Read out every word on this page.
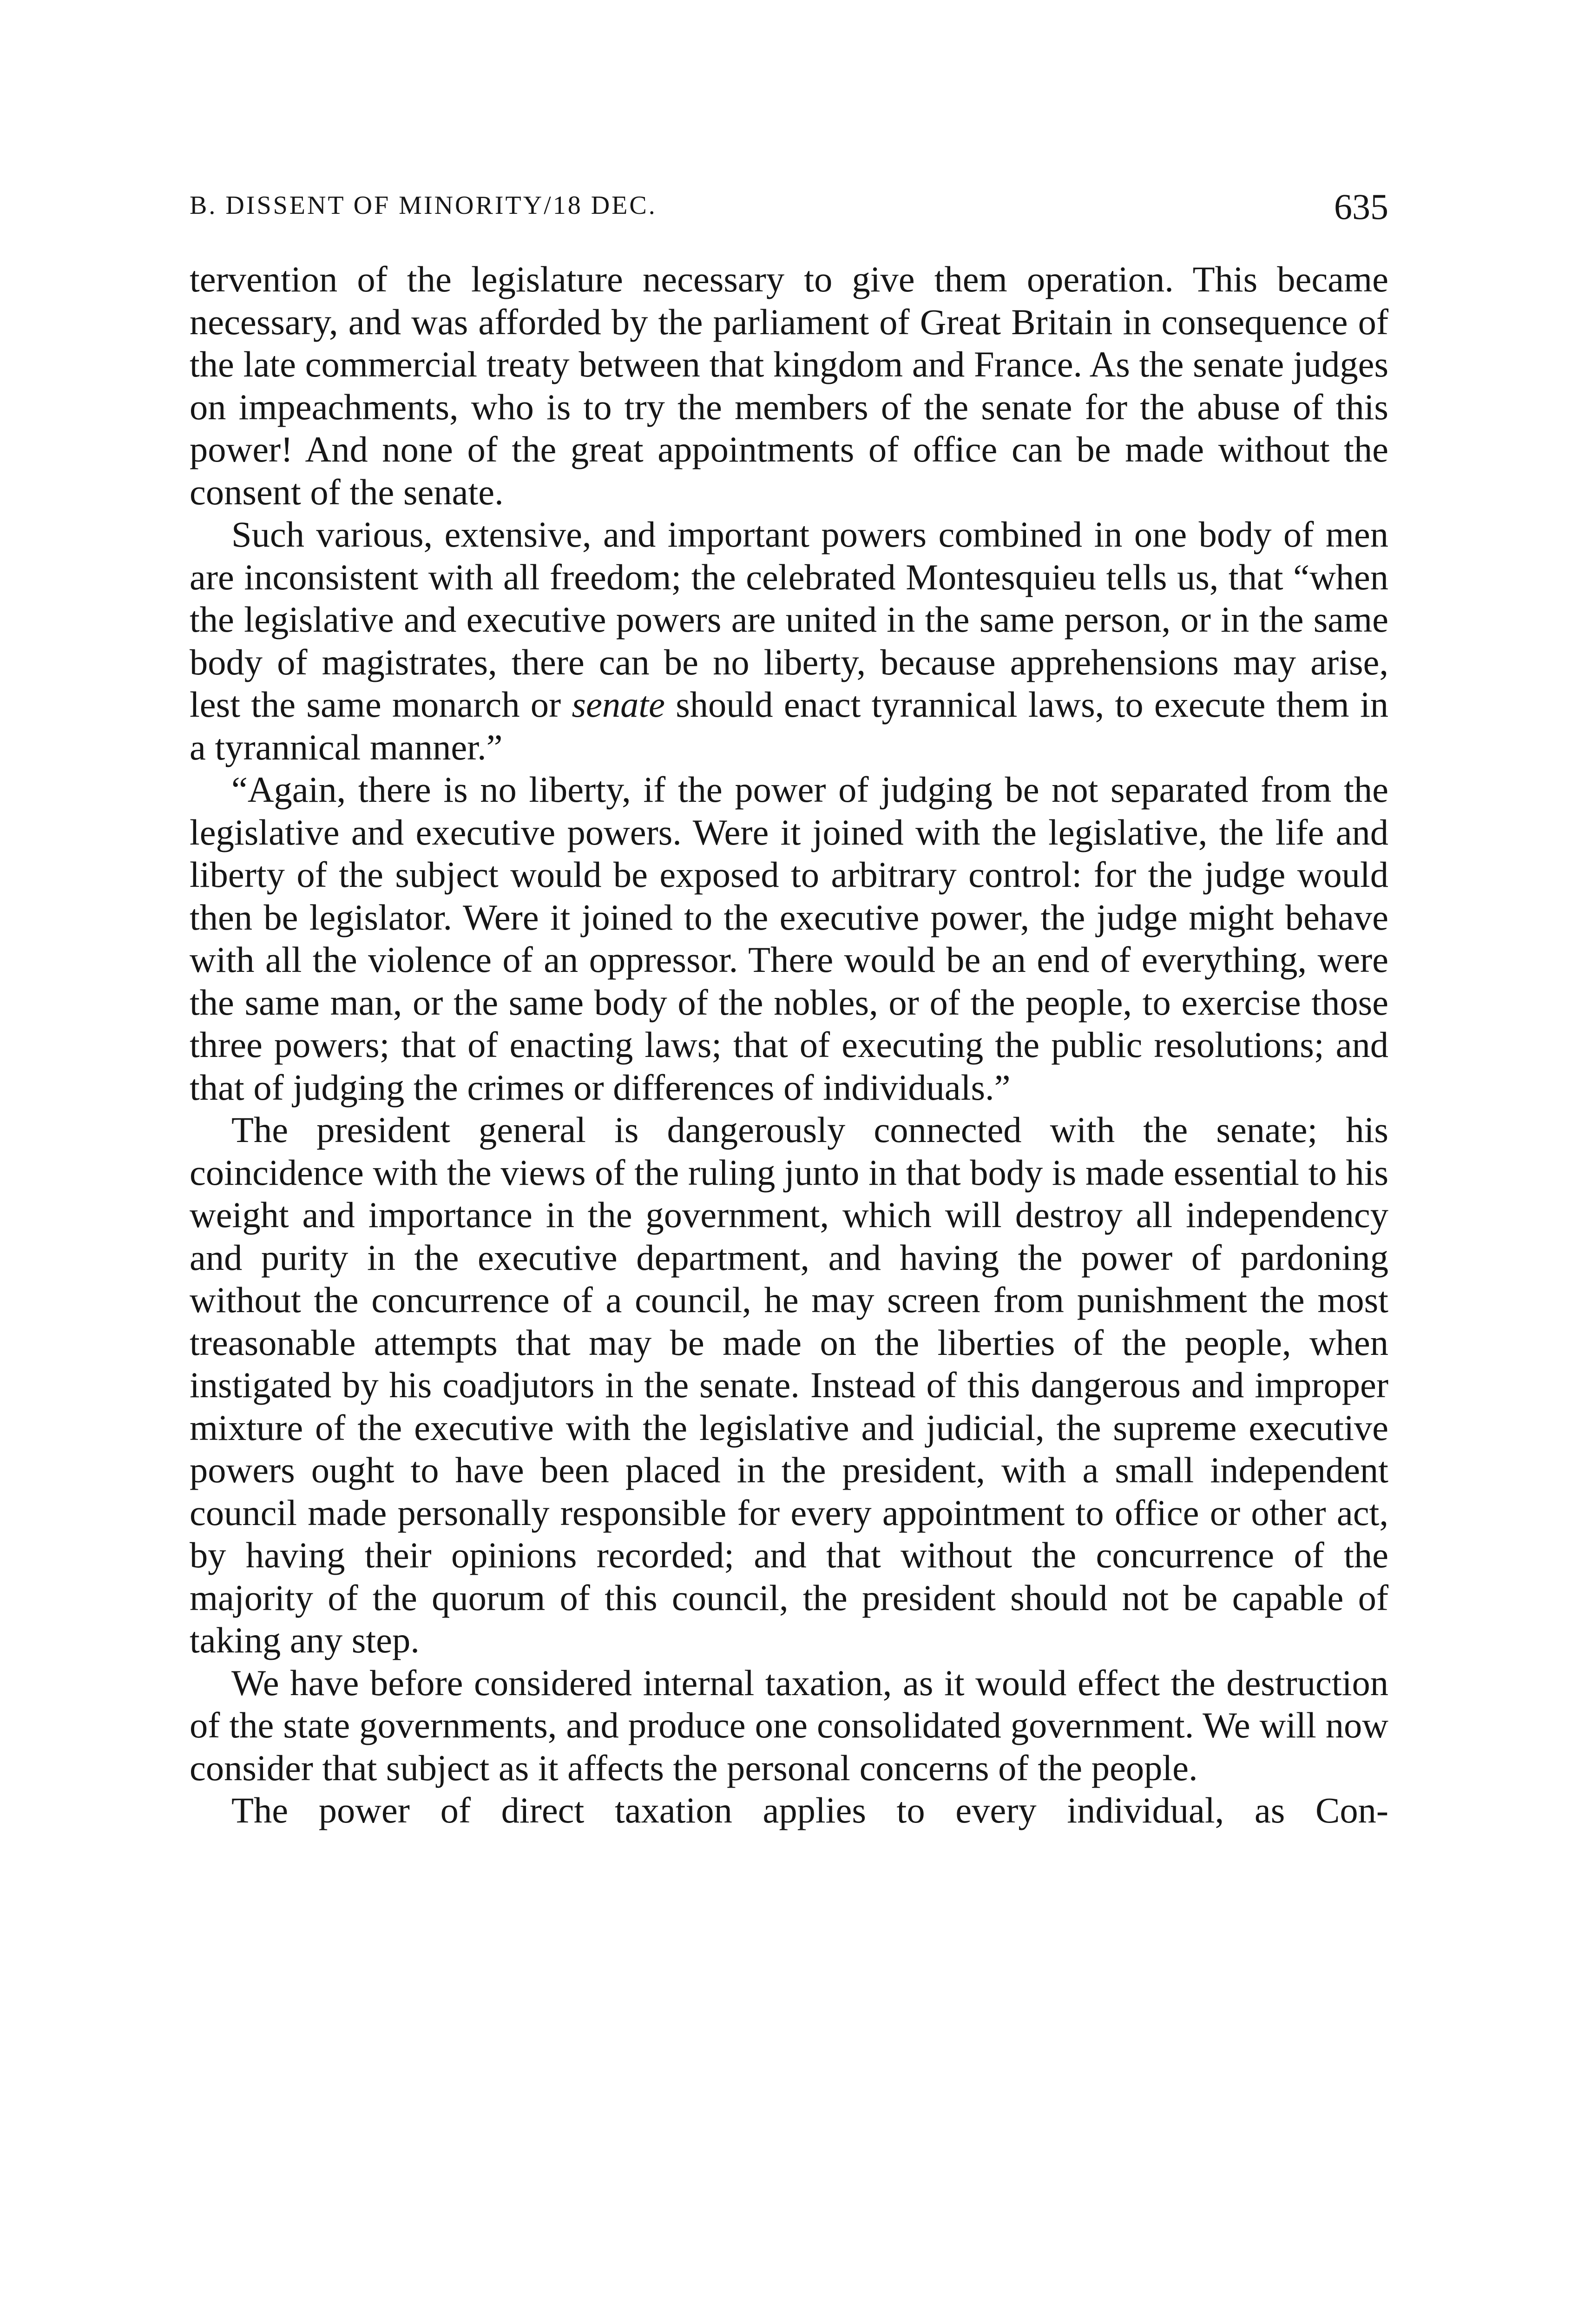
B. DISSENT OF MINORITY/18 DEC.	635

tervention of the legislature necessary to give them operation. This became necessary, and was afforded by the parliament of Great Britain in consequence of the late commercial treaty between that kingdom and France. As the senate judges on impeachments, who is to try the members of the senate for the abuse of this power! And none of the great appointments of office can be made without the consent of the senate.

Such various, extensive, and important powers combined in one body of men are inconsistent with all freedom; the celebrated Montesquieu tells us, that “when the legislative and executive powers are united in the same person, or in the same body of magistrates, there can be no liberty, because apprehensions may arise, lest the same monarch or senate should enact tyrannical laws, to execute them in a tyrannical manner.”

“Again, there is no liberty, if the power of judging be not separated from the legislative and executive powers. Were it joined with the legislative, the life and liberty of the subject would be exposed to arbitrary control: for the judge would then be legislator. Were it joined to the executive power, the judge might behave with all the violence of an oppressor. There would be an end of everything, were the same man, or the same body of the nobles, or of the people, to exercise those three powers; that of enacting laws; that of executing the public resolutions; and that of judging the crimes or differences of individuals.”

The president general is dangerously connected with the senate; his coincidence with the views of the ruling junto in that body is made essential to his weight and importance in the government, which will destroy all independency and purity in the executive department, and having the power of pardoning without the concurrence of a council, he may screen from punishment the most treasonable attempts that may be made on the liberties of the people, when instigated by his coadjutors in the senate. Instead of this dangerous and improper mixture of the executive with the legislative and judicial, the supreme executive powers ought to have been placed in the president, with a small independent council made personally responsible for every appointment to office or other act, by having their opinions recorded; and that without the concurrence of the majority of the quorum of this council, the president should not be capable of taking any step.

We have before considered internal taxation, as it would effect the destruction of the state governments, and produce one consolidated government. We will now consider that subject as it affects the personal concerns of the people.

The power of direct taxation applies to every individual, as Con-
